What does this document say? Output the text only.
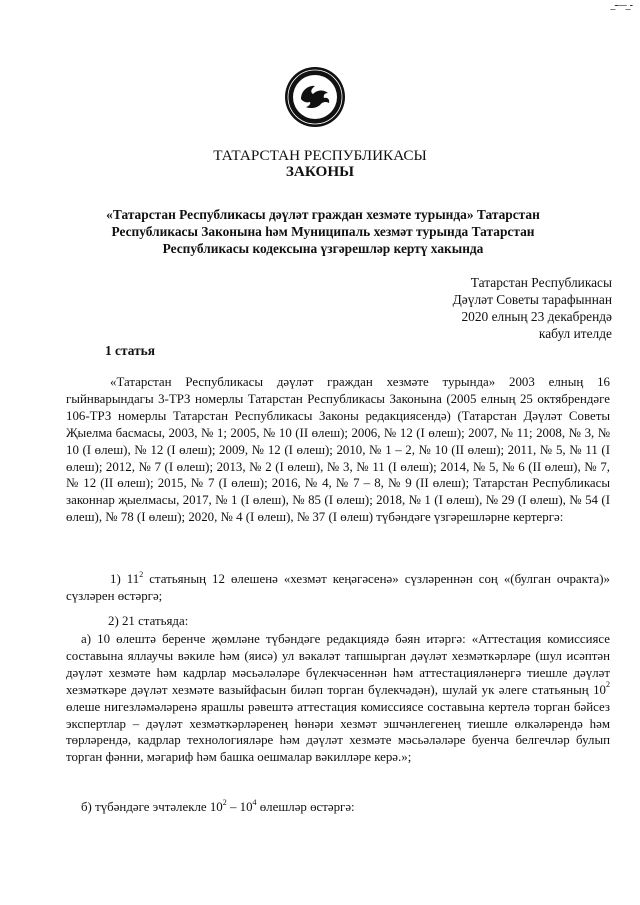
_-—_-
ТАТАРСТАН РЕСПУБЛИКАСЫ
ЗАКОНЫ
«Татарстан Республикасы дәүләт граждан хезмәте турында» Татарстан Республикасы Законына һәм Муниципаль хезмәт турында Татарстан Республикасы кодексына үзгәрешләр кертү хакында
Татарстан Республикасы
Дәүләт Советы тарафыннан
2020 елның 23 декабрендә
кабул ителде
1 статья
«Татарстан Республикасы дәүләт граждан хезмәте турында» 2003 елның 16 гыйнварындагы 3-ТРЗ номерлы Татарстан Республикасы Законына (2005 елның 25 октябрендәге 106-ТРЗ номерлы Татарстан Республикасы Законы редакциясендә) (Татарстан Дәүләт Советы Җыелма басмасы, 2003, № 1; 2005, № 10 (II өлеш); 2006, № 12 (I өлеш); 2007, № 11; 2008, № 3, № 10 (I өлеш), № 12 (I өлеш); 2009, № 12 (I өлеш); 2010, № 1 – 2, № 10 (II өлеш); 2011, № 5, № 11 (I өлеш); 2012, № 7 (I өлеш); 2013, № 2 (I өлеш), № 3, № 11 (I өлеш); 2014, № 5, № 6 (II өлеш), № 7, № 12 (II өлеш); 2015, № 7 (I өлеш); 2016, № 4, № 7 – 8, № 9 (II өлеш); Татарстан Республикасы законнар җыелмасы, 2017, № 1 (I өлеш), № 85 (I өлеш); 2018, № 1 (I өлеш), № 29 (I өлеш), № 54 (I өлеш), № 78 (I өлеш); 2020, № 4 (I өлеш), № 37 (I өлеш) түбәндәге үзгәрешләрне кертергә:
1) $11^2$ статьяның 12 өлешенә «хезмәт кеңәгәсенә» сүзләреннән соң «(булган очракта)» сүзләрен өстәргә;
2) 21 статьяда:
а) 10 өлештә беренче җөмләне түбәндәге редакциядә бәян итәргә: «Аттестация комиссиясе составына яллаучы вәкиле һәм (яисә) ул вәкаләт тапшырган дәүләт хезмәткәрләре (шул исәптән дәүләт хезмәте һәм кадрлар мәсьәләләре бүлекчәсеннән һәм аттестацияләнергә тиешле дәүләт хезмәткәре дәүләт хезмәте вазыйфасын биләп торган бүлекчәдән), шулай ук әлеге статьяның $10^2$ өлеше нигезләмәләренә ярашлы рәвештә аттестация комиссиясе составына кертелә торган бәйсез экспертлар – дәүләт хезмәткәрләренең һөнәри хезмәт эшчәнлегенең тиешле өлкәләрендә һәм төрләрендә, кадрлар технологияләре һәм дәүләт хезмәте мәсьәләләре буенча белгечләр булып торган фәнни, мәгариф һәм башка оешмалар вәкилләре керә.»;
б) түбәндәге эчтәлекле $10^2 - 10^4$ өлешләр өстәргә:
